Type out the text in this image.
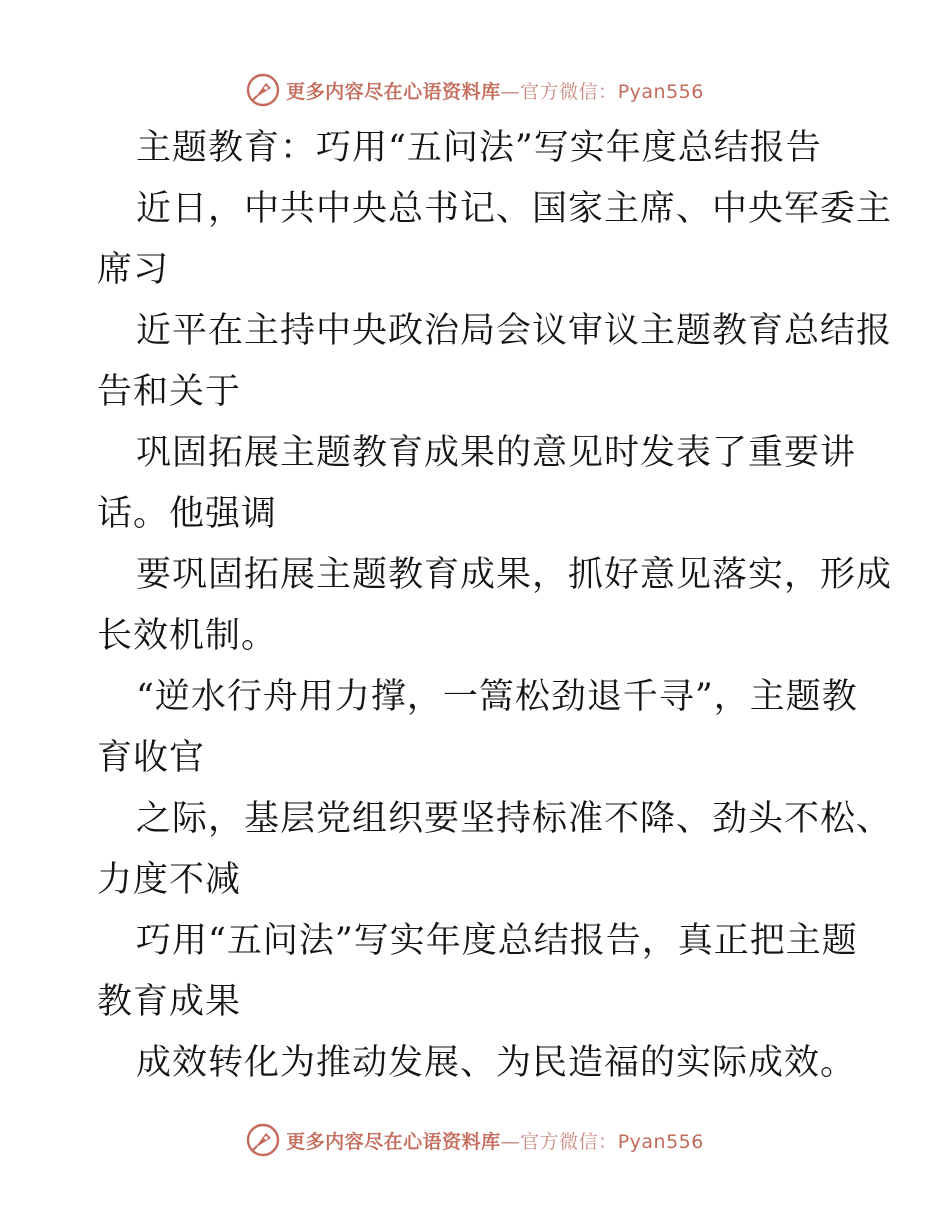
更多内容尽在心语资料库—官方微信：Pyan556
主题教育：巧用“五问法”写实年度总结报告
近日，中共中央总书记、国家主席、中央军委主
席习
近平在主持中央政治局会议审议主题教育总结报
告和关于
巩固拓展主题教育成果的意见时发表了重要讲
话。他强调
要巩固拓展主题教育成果，抓好意见落实，形成
长效机制。
“逆水行舟用力撑，一篙松劲退千寻”，主题教
育收官
之际，基层党组织要坚持标准不降、劲头不松、
力度不减
巧用“五问法”写实年度总结报告，真正把主题
教育成果
成效转化为推动发展、为民造福的实际成效。
更多内容尽在心语资料库—官方微信：Pyan556
